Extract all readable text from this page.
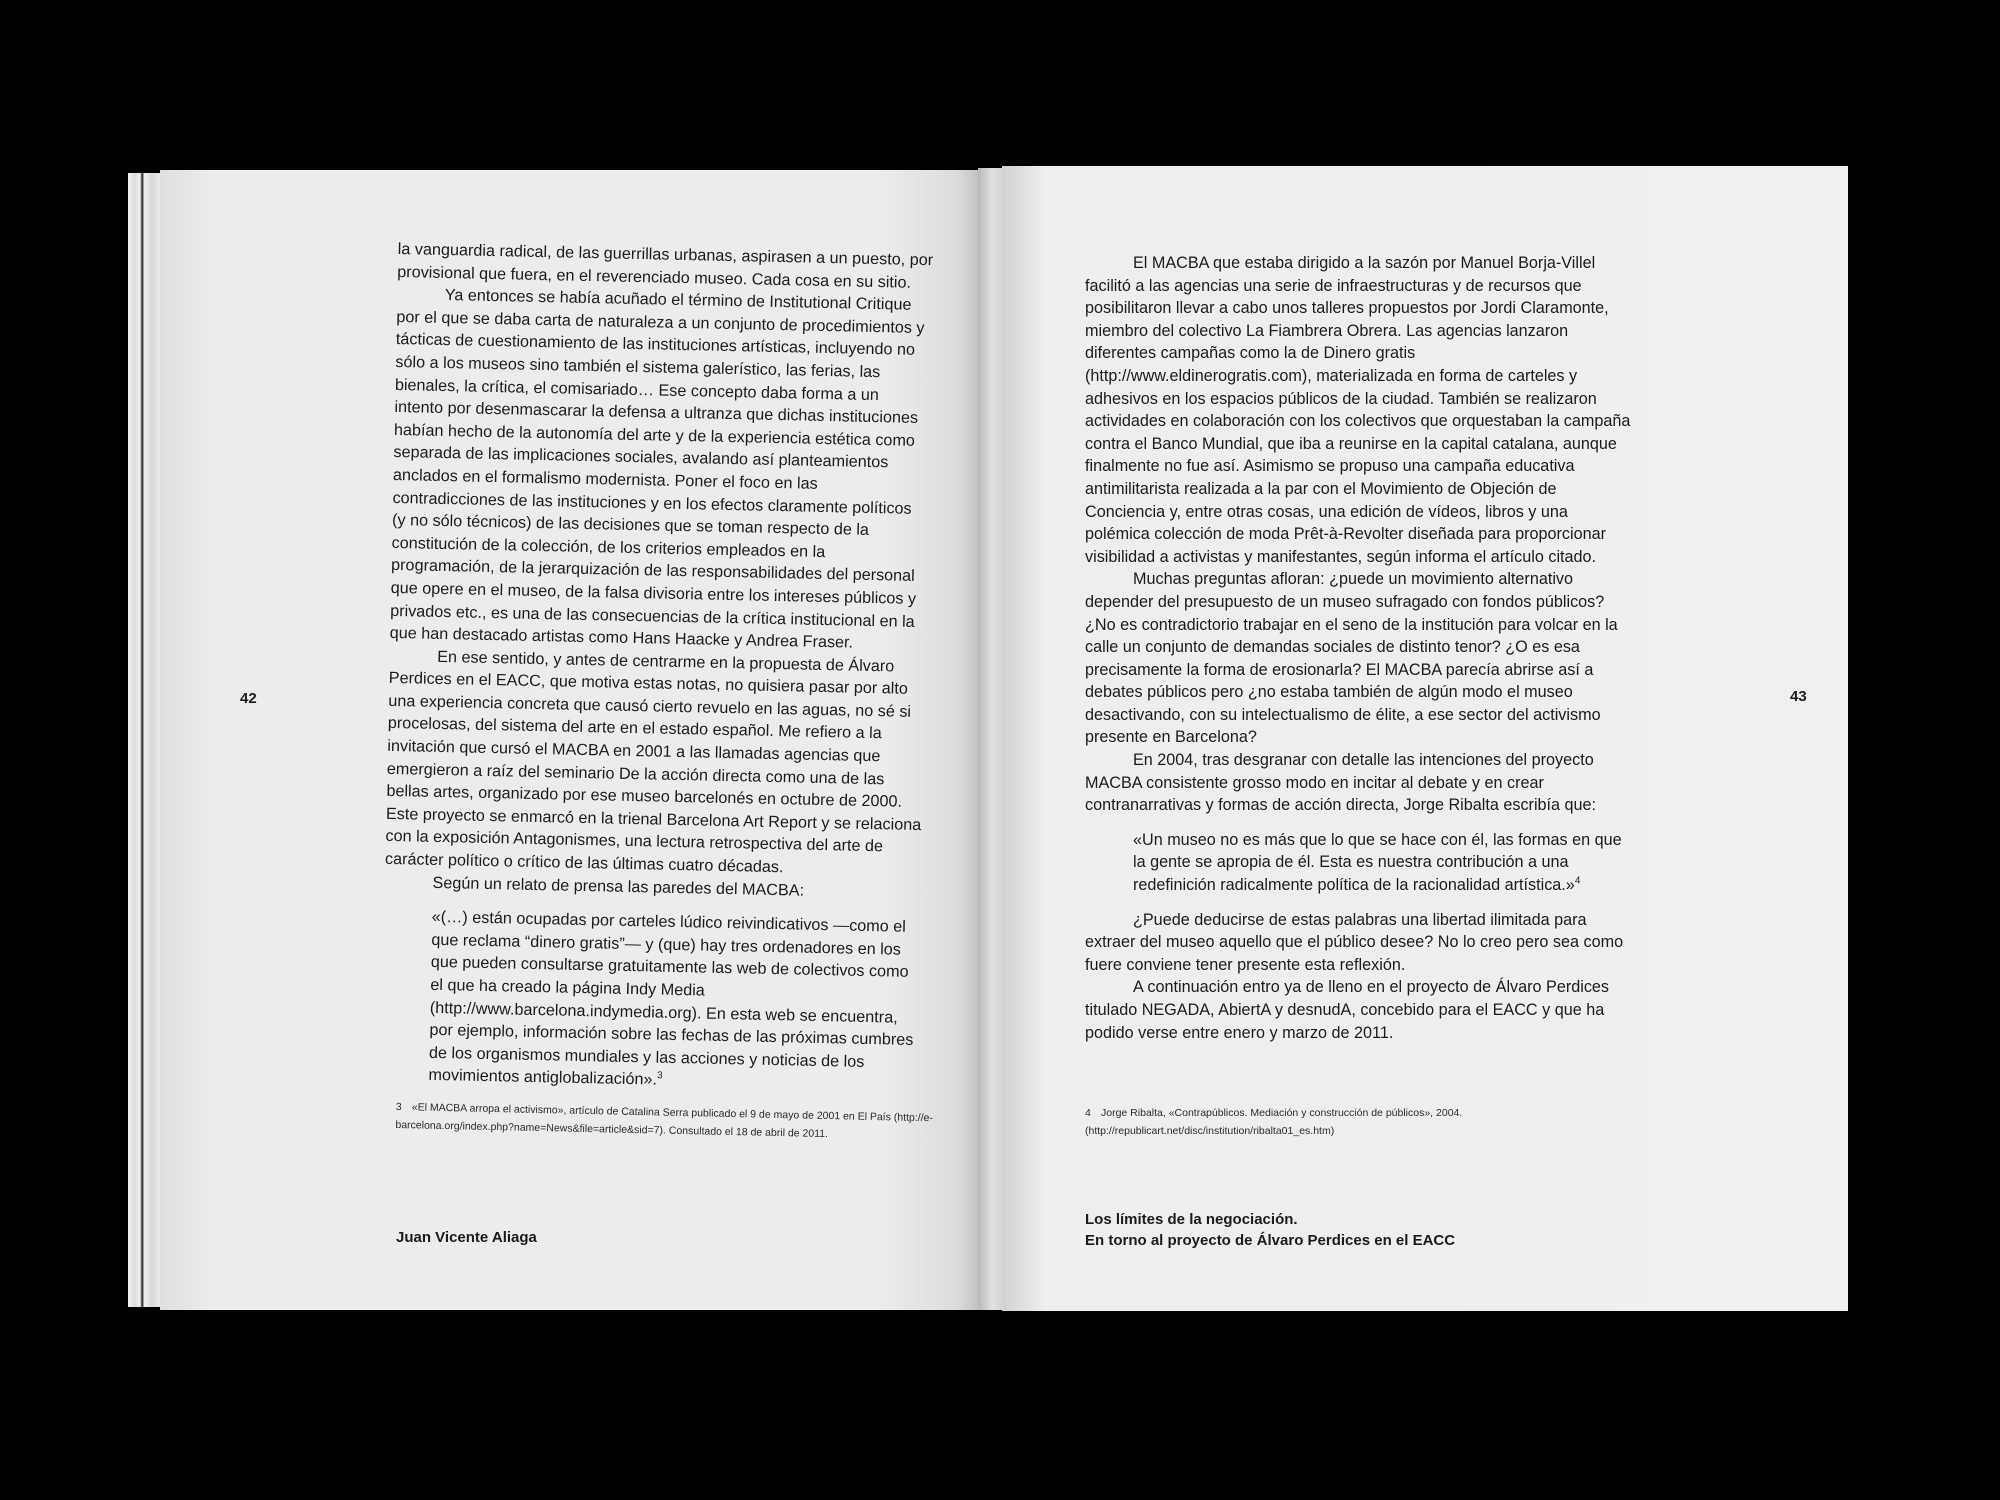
42

la vanguardia radical, de las guerrillas urbanas, aspirasen a un puesto, por provisional que fuera, en el reverenciado museo. Cada cosa en su sitio.

Ya entonces se había acuñado el término de Institutional Critique por el que se daba carta de naturaleza a un conjunto de procedimientos y tácticas de cuestionamiento de las instituciones artísticas, incluyendo no sólo a los museos sino también el sistema galerístico, las ferias, las bienales, la crítica, el comisariado… Ese concepto daba forma a un intento por desenmascarar la defensa a ultranza que dichas instituciones habían hecho de la autonomía del arte y de la experiencia estética como separada de las implicaciones sociales, avalando así planteamientos anclados en el formalismo modernista. Poner el foco en las contradicciones de las instituciones y en los efectos claramente políticos (y no sólo técnicos) de las decisiones que se toman respecto de la constitución de la colección, de los criterios empleados en la programación, de la jerarquización de las responsabilidades del personal que opere en el museo, de la falsa divisoria entre los intereses públicos y privados etc., es una de las consecuencias de la crítica institucional en la que han destacado artistas como Hans Haacke y Andrea Fraser.

En ese sentido, y antes de centrarme en la propuesta de Álvaro Perdices en el EACC, que motiva estas notas, no quisiera pasar por alto una experiencia concreta que causó cierto revuelo en las aguas, no sé si procelosas, del sistema del arte en el estado español. Me refiero a la invitación que cursó el MACBA en 2001 a las llamadas agencias que emergieron a raíz del seminario De la acción directa como una de las bellas artes, organizado por ese museo barcelonés en octubre de 2000. Este proyecto se enmarcó en la trienal Barcelona Art Report y se relaciona con la exposición Antagonismes, una lectura retrospectiva del arte de carácter político o crítico de las últimas cuatro décadas.

Según un relato de prensa las paredes del MACBA:

«(…) están ocupadas por carteles lúdico reivindicativos —como el que reclama “dinero gratis”— y (que) hay tres ordenadores en los que pueden consultarse gratuitamente las web de colectivos como el que ha creado la página Indy Media (http://www.barcelona.indymedia.org). En esta web se encuentra, por ejemplo, información sobre las fechas de las próximas cumbres de los organismos mundiales y las acciones y noticias de los movimientos antiglobalización».$^3$

3 «El MACBA arropa el activismo», artículo de Catalina Serra publicado el 9 de mayo de 2001 en El País (http://e-barcelona.org/index.php?name=News&file=article&sid=7). Consultado el 18 de abril de 2011.
Juan Vicente Aliaga
43

El MACBA que estaba dirigido a la sazón por Manuel Borja-Villel facilitó a las agencias una serie de infraestructuras y de recursos que posibilitaron llevar a cabo unos talleres propuestos por Jordi Claramonte, miembro del colectivo La Fiambrera Obrera. Las agencias lanzaron diferentes campañas como la de Dinero gratis (http://www.eldinerogratis.com), materializada en forma de carteles y adhesivos en los espacios públicos de la ciudad. También se realizaron actividades en colaboración con los colectivos que orquestaban la campaña contra el Banco Mundial, que iba a reunirse en la capital catalana, aunque finalmente no fue así. Asimismo se propuso una campaña educativa antimilitarista realizada a la par con el Movimiento de Objeción de Conciencia y, entre otras cosas, una edición de vídeos, libros y una polémica colección de moda Prêt-à-Revolter diseñada para proporcionar visibilidad a activistas y manifestantes, según informa el artículo citado.

Muchas preguntas afloran: ¿puede un movimiento alternativo depender del presupuesto de un museo sufragado con fondos públicos? ¿No es contradictorio trabajar en el seno de la institución para volcar en la calle un conjunto de demandas sociales de distinto tenor? ¿O es esa precisamente la forma de erosionarla? El MACBA parecía abrirse así a debates públicos pero ¿no estaba también de algún modo el museo desactivando, con su intelectualismo de élite, a ese sector del activismo presente en Barcelona?

En 2004, tras desgranar con detalle las intenciones del proyecto MACBA consistente grosso modo en incitar al debate y en crear contranarrativas y formas de acción directa, Jorge Ribalta escribía que:

«Un museo no es más que lo que se hace con él, las formas en que la gente se apropia de él. Esta es nuestra contribución a una redefinición radicalmente política de la racionalidad artística.»$^4$

¿Puede deducirse de estas palabras una libertad ilimitada para extraer del museo aquello que el público desee? No lo creo pero sea como fuere conviene tener presente esta reflexión.

A continuación entro ya de lleno en el proyecto de Álvaro Perdices titulado NEGADA, AbiertA y desnudA, concebido para el EACC y que ha podido verse entre enero y marzo de 2011.

4 Jorge Ribalta, «Contrapúblicos. Mediación y construcción de públicos», 2004. (http://republicart.net/disc/institution/ribalta01_es.htm)
Los límites de la negociación.
En torno al proyecto de Álvaro Perdices en el EACC
